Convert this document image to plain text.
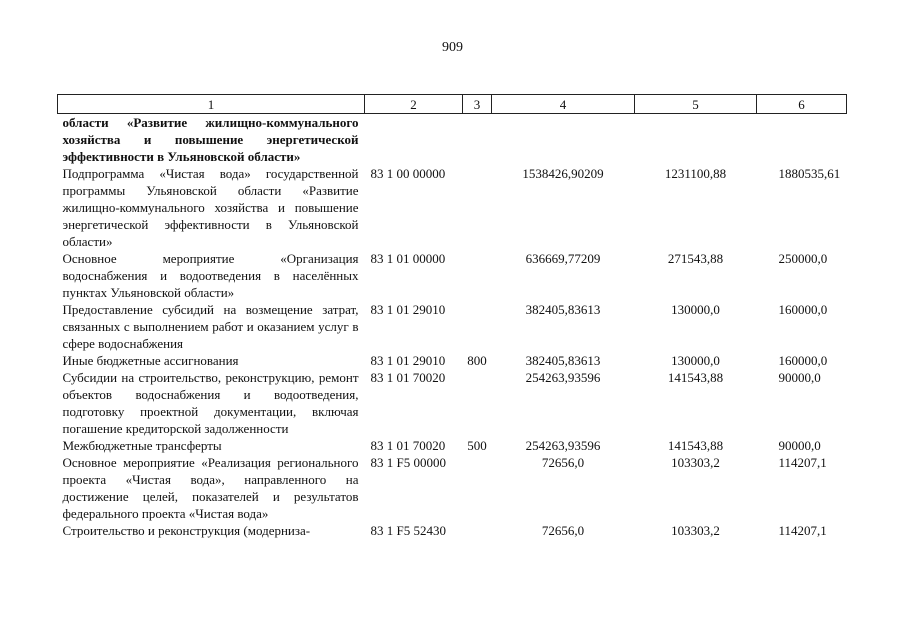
909
1	2	3	4	5	6
области «Развитие жилищно-коммунального хозяйства и повышение энергетической эффективности в Ульяновской области»					
Подпрограмма «Чистая вода» государственной программы Ульяновской области «Развитие жилищно-коммунального хозяйства и повышение энергетической эффективности в Ульяновской области»	83 1 00 00000		1538426,90209	1231100,88	1880535,61
Основное мероприятие «Организация водоснабжения и водоотведения в населённых пунктах Ульяновской области»	83 1 01 00000		636669,77209	271543,88	250000,0
Предоставление субсидий на возмещение затрат, связанных с выполнением работ и оказанием услуг в сфере водоснабжения	83 1 01 29010		382405,83613	130000,0	160000,0
Иные бюджетные ассигнования	83 1 01 29010	800	382405,83613	130000,0	160000,0
Субсидии на строительство, реконструкцию, ремонт объектов водоснабжения и водоотведения, подготовку проектной документации, включая погашение кредиторской задолженности	83 1 01 70020		254263,93596	141543,88	90000,0
Межбюджетные трансферты	83 1 01 70020	500	254263,93596	141543,88	90000,0
Основное мероприятие «Реализация регионального проекта «Чистая вода», направленного на достижение целей, показателей и результатов федерального проекта «Чистая вода»	83 1 F5 00000		72656,0	103303,2	114207,1
Строительство и реконструкция (модерниза-	83 1 F5 52430		72656,0	103303,2	114207,1
